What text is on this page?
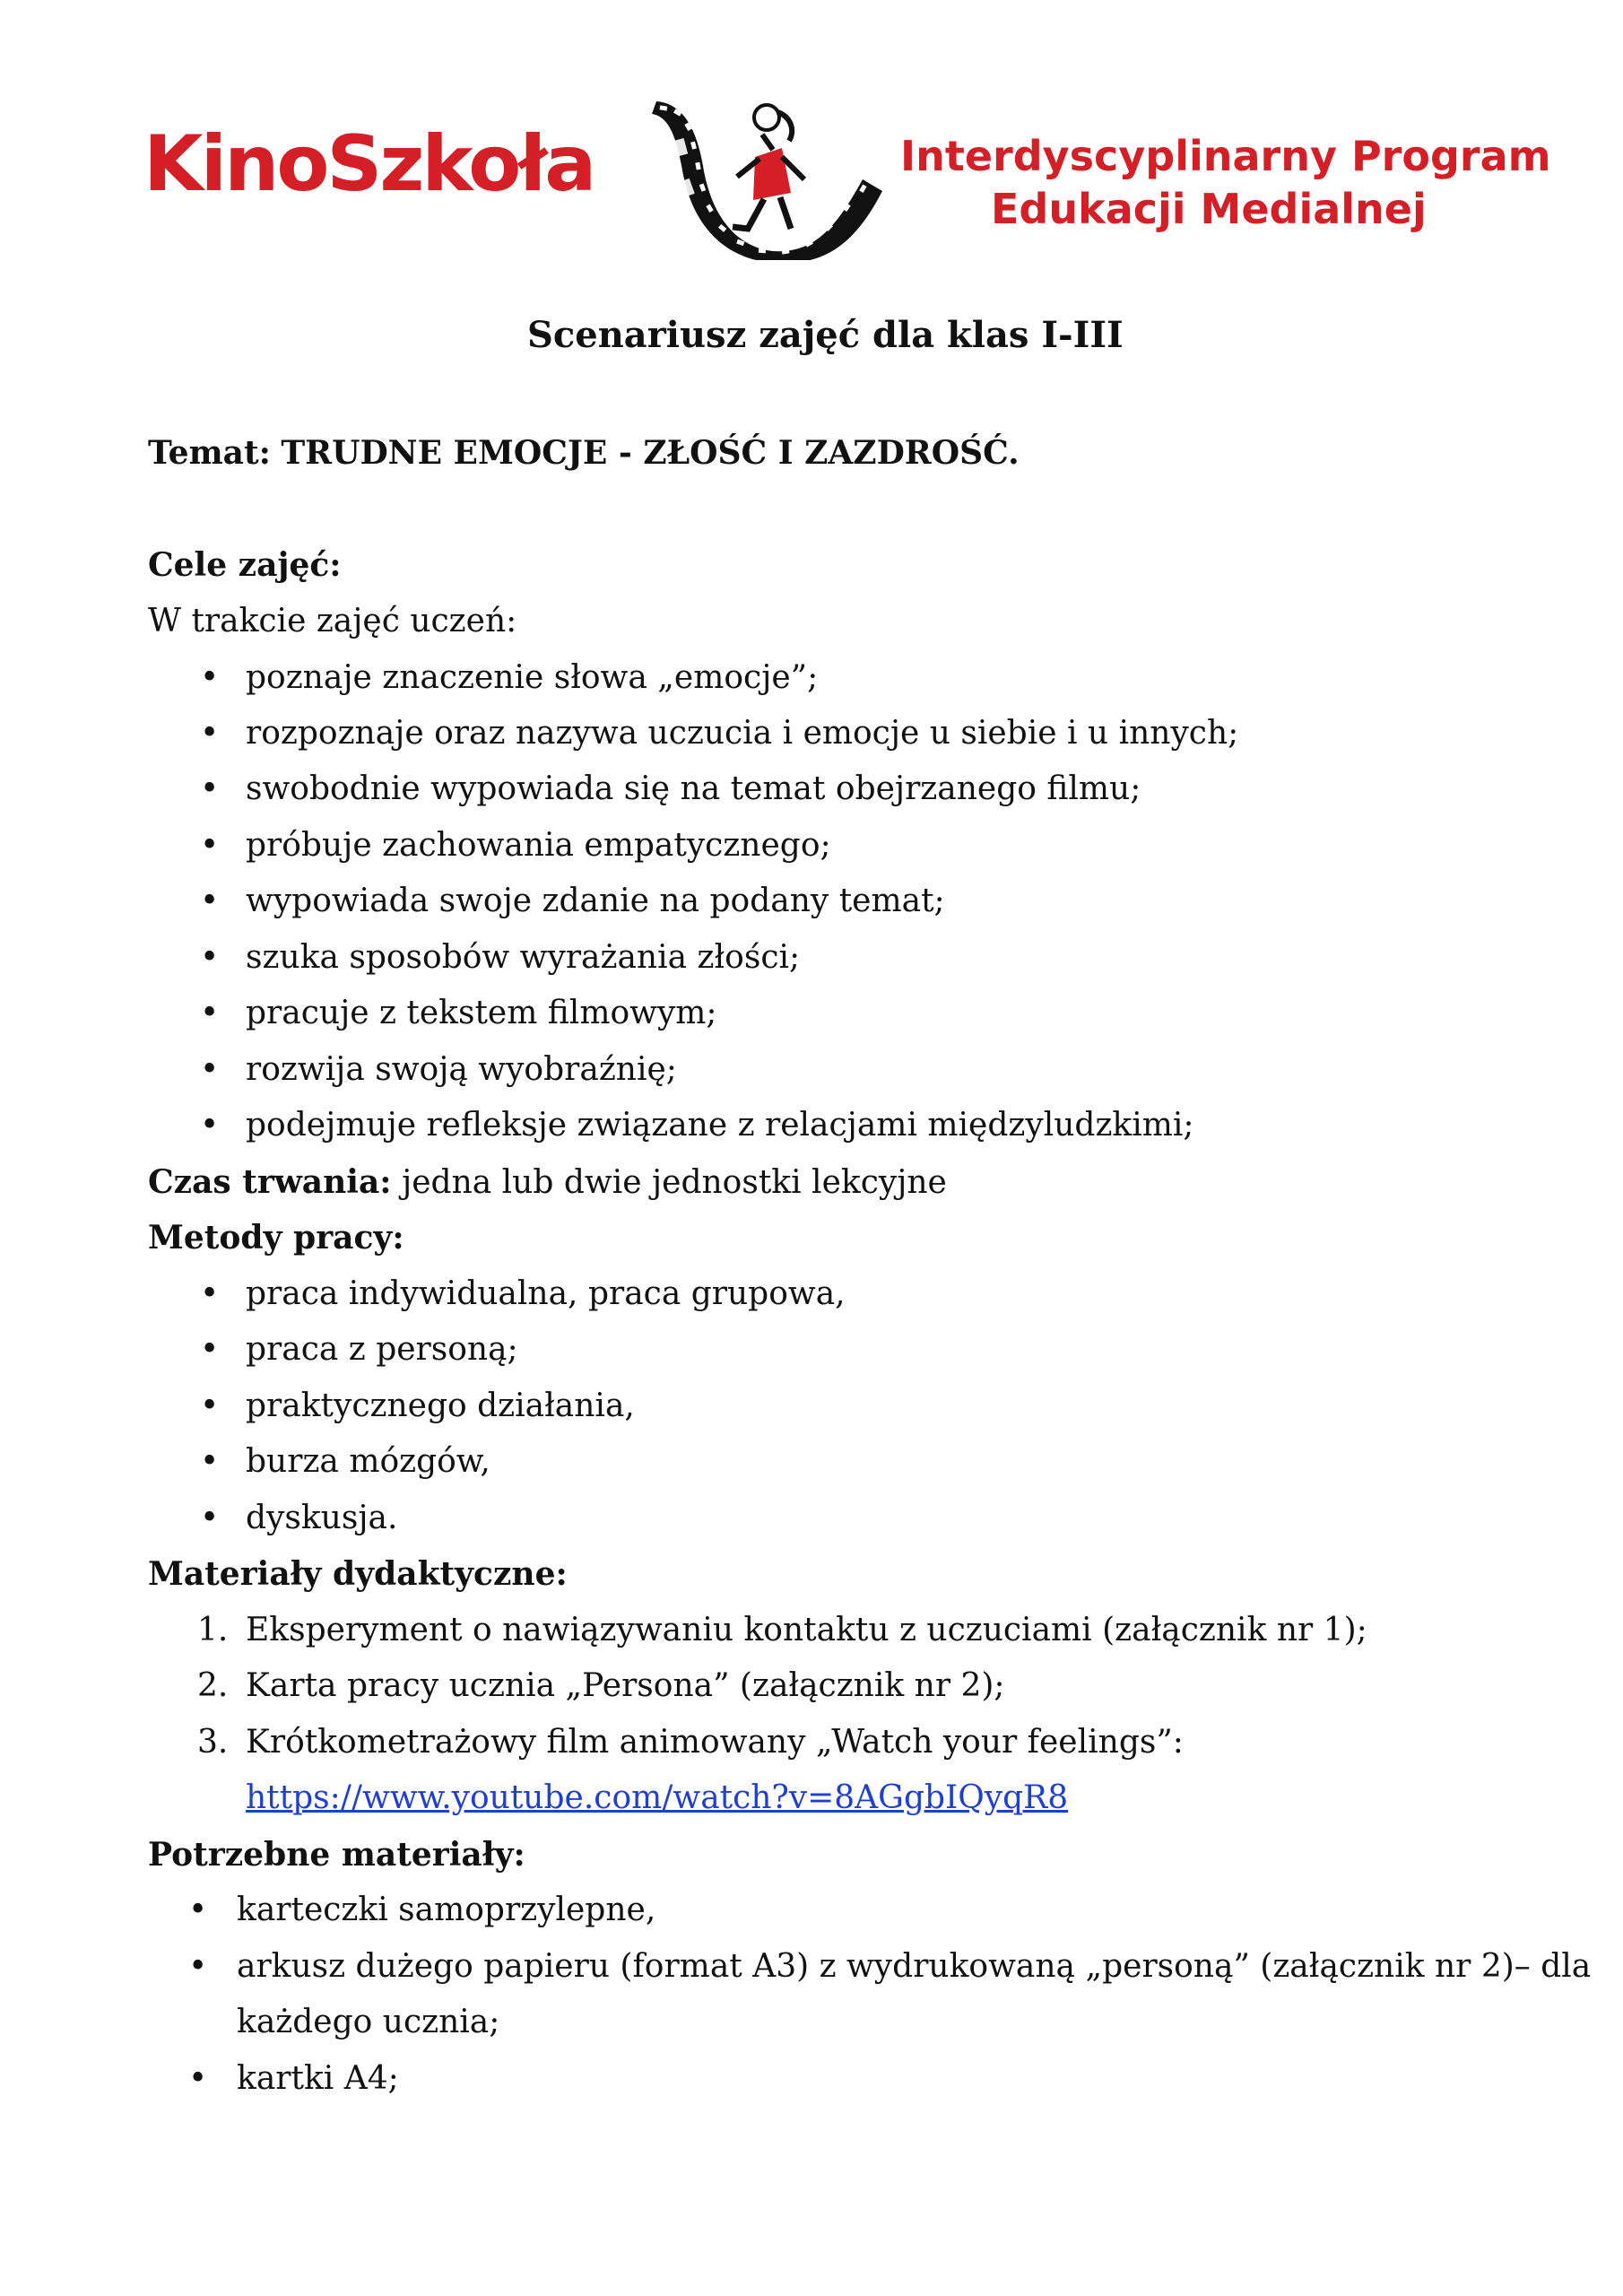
KinoSzkoła	Interdyscyplinarny Program
Edukacji Medialnej
Scenariusz zajęć dla klas I-III
Temat: TRUDNE EMOCJE - ZŁOŚĆ I ZAZDROŚĆ.
Cele zajęć:
W trakcie zajęć uczeń:
• poznaje znaczenie słowa „emocje”;
• rozpoznaje oraz nazywa uczucia i emocje u siebie i u innych;
• swobodnie wypowiada się na temat obejrzanego filmu;
• próbuje zachowania empatycznego;
• wypowiada swoje zdanie na podany temat;
• szuka sposobów wyrażania złości;
• pracuje z tekstem filmowym;
• rozwija swoją wyobraźnię;
• podejmuje refleksje związane z relacjami międzyludzkimi;
Czas trwania: jedna lub dwie jednostki lekcyjne
Metody pracy:
• praca indywidualna, praca grupowa,
• praca z personą;
• praktycznego działania,
• burza mózgów,
• dyskusja.
Materiały dydaktyczne:
1. Eksperyment o nawiązywaniu kontaktu z uczuciami (załącznik nr 1);
2. Karta pracy ucznia „Persona” (załącznik nr 2);
3. Krótkometrażowy film animowany „Watch your feelings”:
https://www.youtube.com/watch?v=8AGgbIQyqR8
Potrzebne materiały:
• karteczki samoprzylepne,
• arkusz dużego papieru (format A3) z wydrukowaną „personą” (załącznik nr 2)– dla
każdego ucznia;
• kartki A4;
